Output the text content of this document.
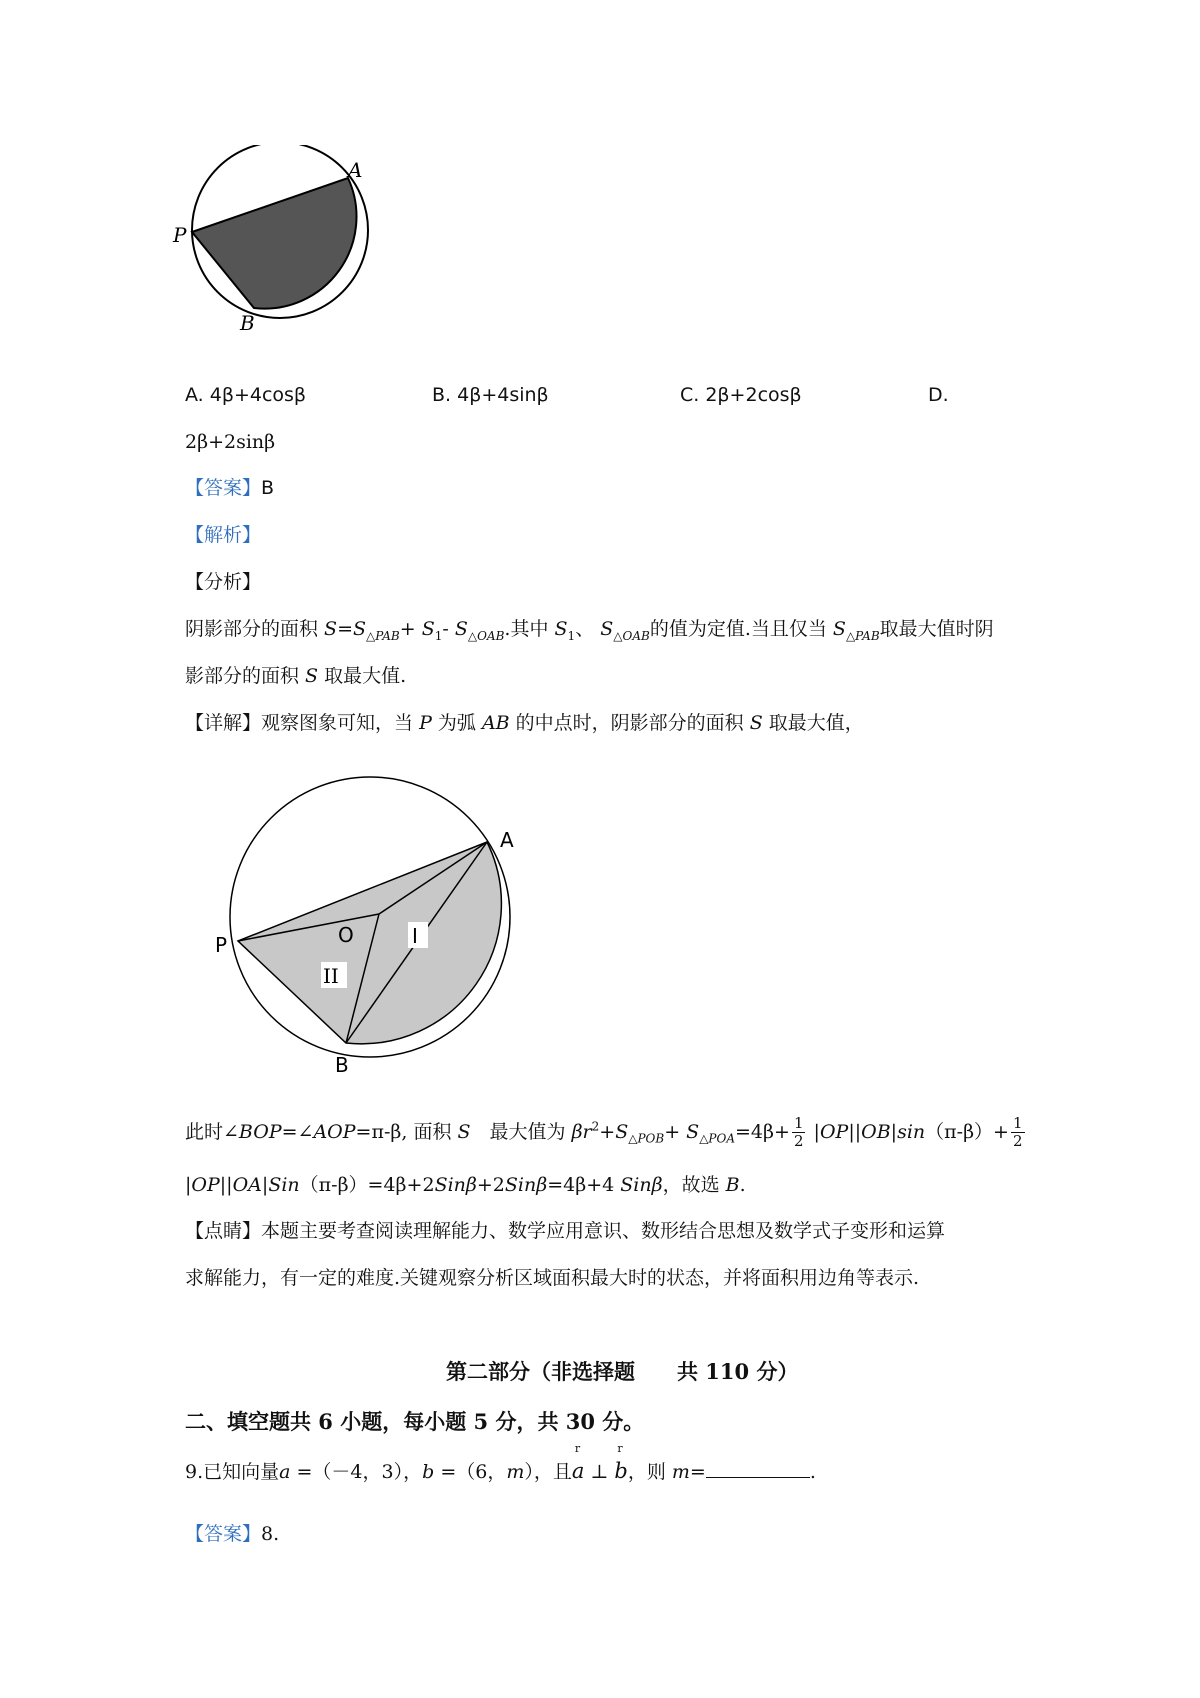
A
P
B
A. 4β+4cosβ	B. 4β+4sinβ	C. 2β+2cosβ	D.
2β+2sinβ
【答案】B
【解析】
【分析】
阴影部分的面积 $S=S_{\triangle PAB}+ S_1-$ $S_{\triangle OAB}$.其中 $S_1$、 $S_{\triangle OAB}$的值为定值.当且仅当 $S_{\triangle PAB}$取最大值时阴
影部分的面积 S 取最大值.
【详解】观察图象可知，当 P 为弧 AB 的中点时，阴影部分的面积 S 取最大值，
A
P	O
B
I
II
此时∠BOP=∠AOP=π-β, 面积 S　最大值为 $\beta r^2+S_{\triangle POB}+ S_{\triangle POA}=4\beta+ \frac{1}{2} |OP||OB|\sin(\pi-\beta)+ \frac{1}{2}$
|OP||OA|Sin（π-β）=4β+2Sinβ+2Sinβ=4β+4 Sinβ，故选 B.
【点睛】本题主要考查阅读理解能力、数学应用意识、数形结合思想及数学式子变形和运算
求解能力，有一定的难度.关键观察分析区域面积最大时的状态，并将面积用边角等表示.
第二部分（非选择题　　共 110 分）
二、填空题共 6 小题，每小题 5 分，共 30 分。
9.已知向量a =（－4，3），b =（6，m），且
r
a ⊥
r
b，则 m=	.
【答案】8.
